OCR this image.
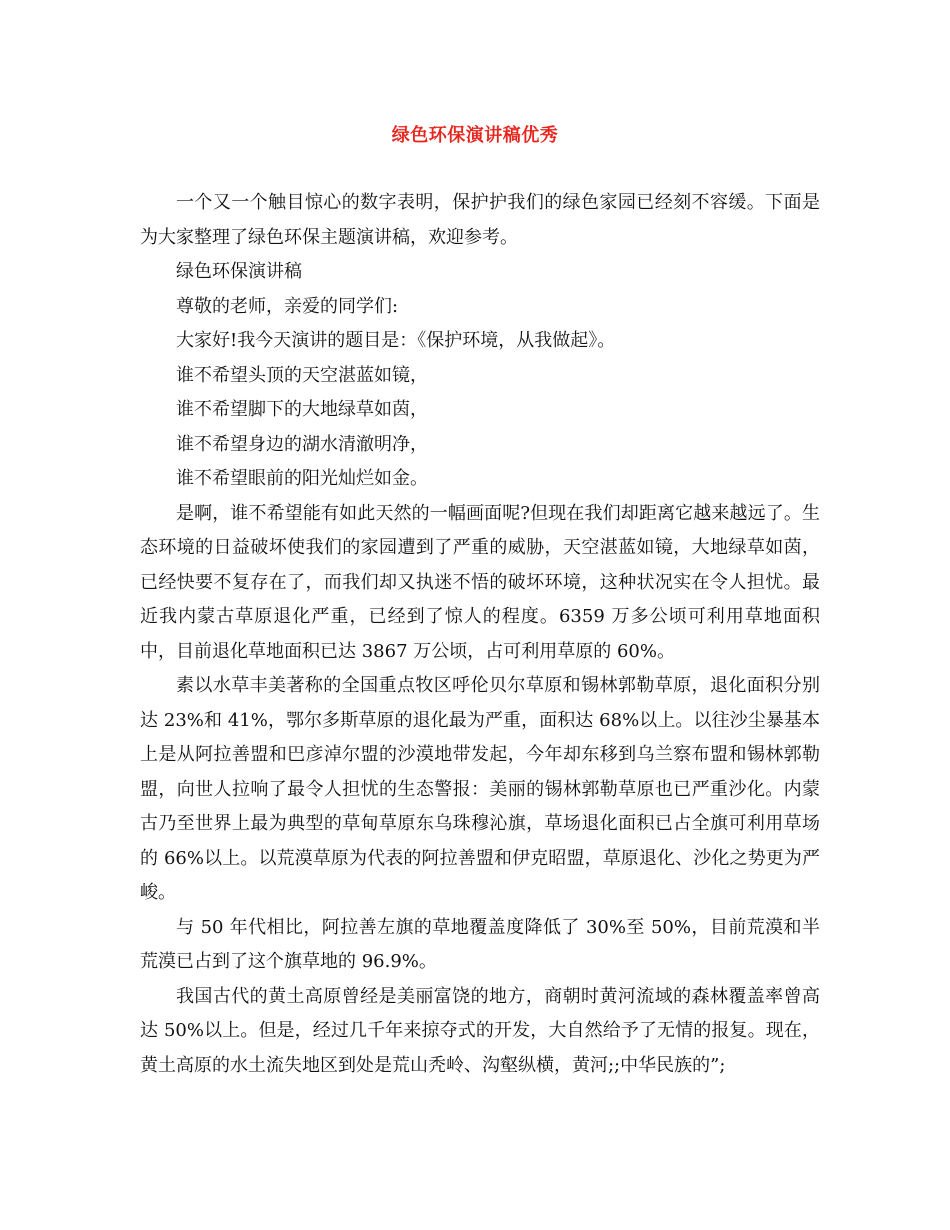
绿色环保演讲稿优秀

一个又一个触目惊心的数字表明，保护护我们的绿色家园已经刻不容缓。下面是为大家整理了绿色环保主题演讲稿，欢迎参考。

绿色环保演讲稿

尊敬的老师，亲爱的同学们:

大家好!我今天演讲的题目是：《保护环境，从我做起》。

谁不希望头顶的天空湛蓝如镜，

谁不希望脚下的大地绿草如茵，

谁不希望身边的湖水清澈明净，

谁不希望眼前的阳光灿烂如金。

是啊，谁不希望能有如此天然的一幅画面呢?但现在我们却距离它越来越远了。生态环境的日益破坏使我们的家园遭到了严重的威胁，天空湛蓝如镜，大地绿草如茵，已经快要不复存在了，而我们却又执迷不悟的破坏环境，这种状况实在令人担忧。最近我内蒙古草原退化严重，已经到了惊人的程度。6359 万多公顷可利用草地面积中，目前退化草地面积已达 3867 万公顷，占可利用草原的 60%。

素以水草丰美著称的全国重点牧区呼伦贝尔草原和锡林郭勒草原，退化面积分别达 23%和 41%，鄂尔多斯草原的退化最为严重，面积达 68%以上。以往沙尘暴基本上是从阿拉善盟和巴彦淖尔盟的沙漠地带发起，今年却东移到乌兰察布盟和锡林郭勒盟，向世人拉响了最令人担忧的生态警报：美丽的锡林郭勒草原也已严重沙化。内蒙古乃至世界上最为典型的草甸草原东乌珠穆沁旗，草场退化面积已占全旗可利用草场的 66%以上。以荒漠草原为代表的阿拉善盟和伊克昭盟，草原退化、沙化之势更为严峻。

与 50 年代相比，阿拉善左旗的草地覆盖度降低了 30%至 50%，目前荒漠和半荒漠已占到了这个旗草地的 96.9%。

我国古代的黄土高原曾经是美丽富饶的地方，商朝时黄河流域的森林覆盖率曾高达 50%以上。但是，经过几千年来掠夺式的开发，大自然给予了无情的报复。现在，黄土高原的水土流失地区到处是荒山秃岭、沟壑纵横，黄河;;中华民族的”;
